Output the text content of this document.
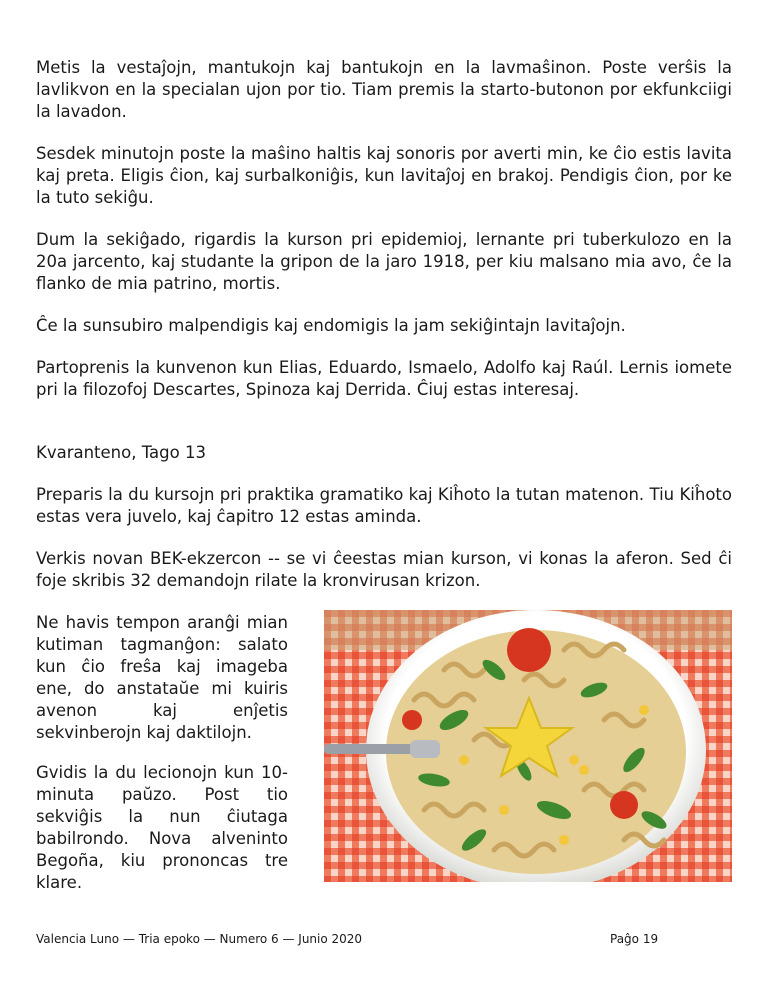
Metis la vestaĵojn, mantukojn kaj bantukojn en la lavmaŝinon. Poste verŝis la lavlikvon en la specialan ujon por tio. Tiam premis la starto-butonon por ekfunkciigi la lavadon.

Sesdek minutojn poste la maŝino haltis kaj sonoris por averti min, ke ĉio estis lavita kaj preta. Eligis ĉion, kaj surbalkoniĝis, kun lavitaĵoj en brakoj. Pendigis ĉion, por ke la tuto sekiĝu.

Dum la sekiĝado, rigardis la kurson pri epidemioj, lernante pri tuberkulozo en la 20a jarcento, kaj studante la gripon de la jaro 1918, per kiu malsano mia avo, ĉe la flanko de mia patrino, mortis.

Ĉe la sunsubiro malpendigis kaj endomigis la jam sekiĝintajn lavitaĵojn.

Partoprenis la kunvenon kun Elias, Eduardo, Ismaelo, Adolfo kaj Raúl. Lernis iomete pri la filozofoj Descartes, Spinoza kaj Derrida. Ĉiuj estas interesaj.

Kvaranteno, Tago 13

Preparis la du kursojn pri praktika gramatiko kaj Kiĥoto la tutan matenon. Tiu Kiĥoto estas vera juvelo, kaj ĉapitro 12 estas aminda.

Verkis novan BEK-ekzercon -- se vi ĉeestas mian kurson, vi konas la aferon. Sed ĉi foje skribis 32 demandojn rilate la kronvirusan krizon.

Ne havis tempon aranĝi mian kutiman tagmanĝon: salato kun ĉio freŝa kaj imageba ene, do anstataŭe mi kuiris avenon kaj enĵetis sekvinberojn kaj daktilojn.

Gvidis la du lecionojn kun 10-minuta paŭzo. Post tio sekviĝis la nun ĉiutaga babilrondo. Nova alveninto Begoña, kiu prononcas tre klare.

Valencia Luno — Tria epoko — Numero 6 — Junio 2020	Paĝo 19
